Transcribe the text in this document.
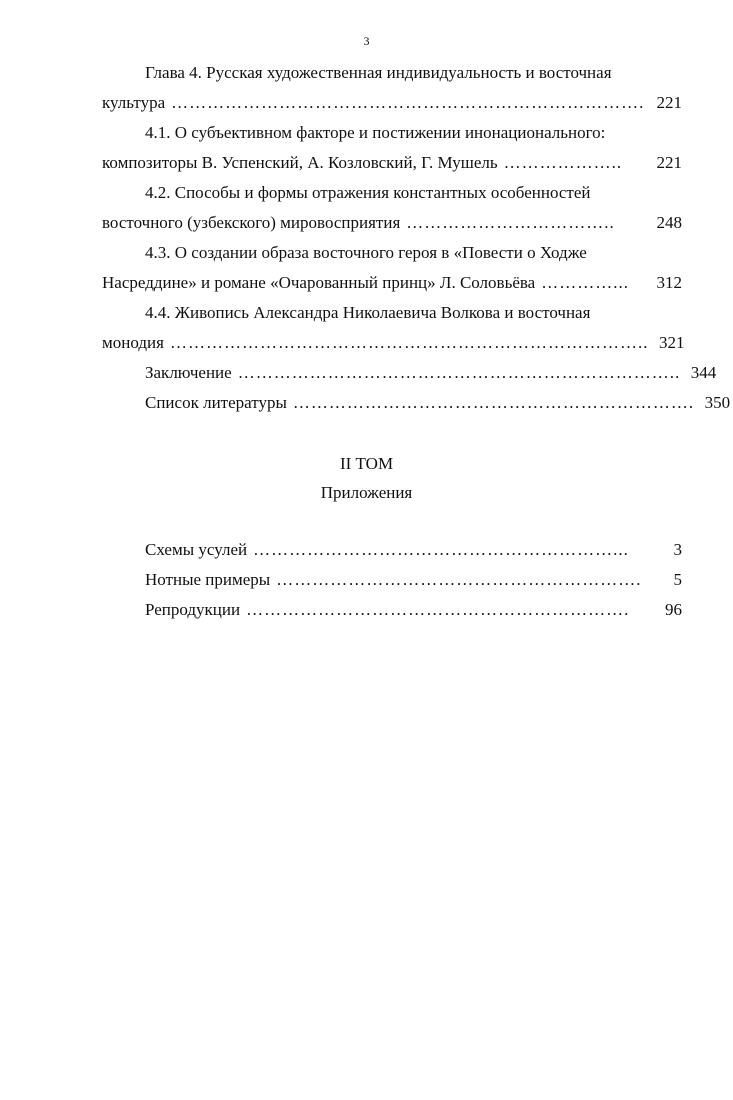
3
Глава 4. Русская художественная индивидуальность и восточная
культура ……………………………………………………………………. 221
4.1. О субъективном факторе и постижении инонационального:
композиторы В. Успенский, А. Козловский, Г. Мушель ………………..	221
4.2. Способы и формы отражения константных особенностей
восточного (узбекского) мировосприятия ……………………………..	248
4.3. О создании образа восточного героя в «Повести о Ходже
Насреддине» и романе «Очарованный принц» Л. Соловьёва …………...	312
4.4. Живопись Александра Николаевича Волкова и восточная
монодия …………………………………………………………………….. 321
Заключение ……………………………………………………………….. 344
Список литературы …………………………………………………………. 350
II ТОМ
Приложения
Схемы усулей ……………………………………………………...	3
Нотные примеры …………………………………………………….	5
Репродукции ……………………………………………………….	96
